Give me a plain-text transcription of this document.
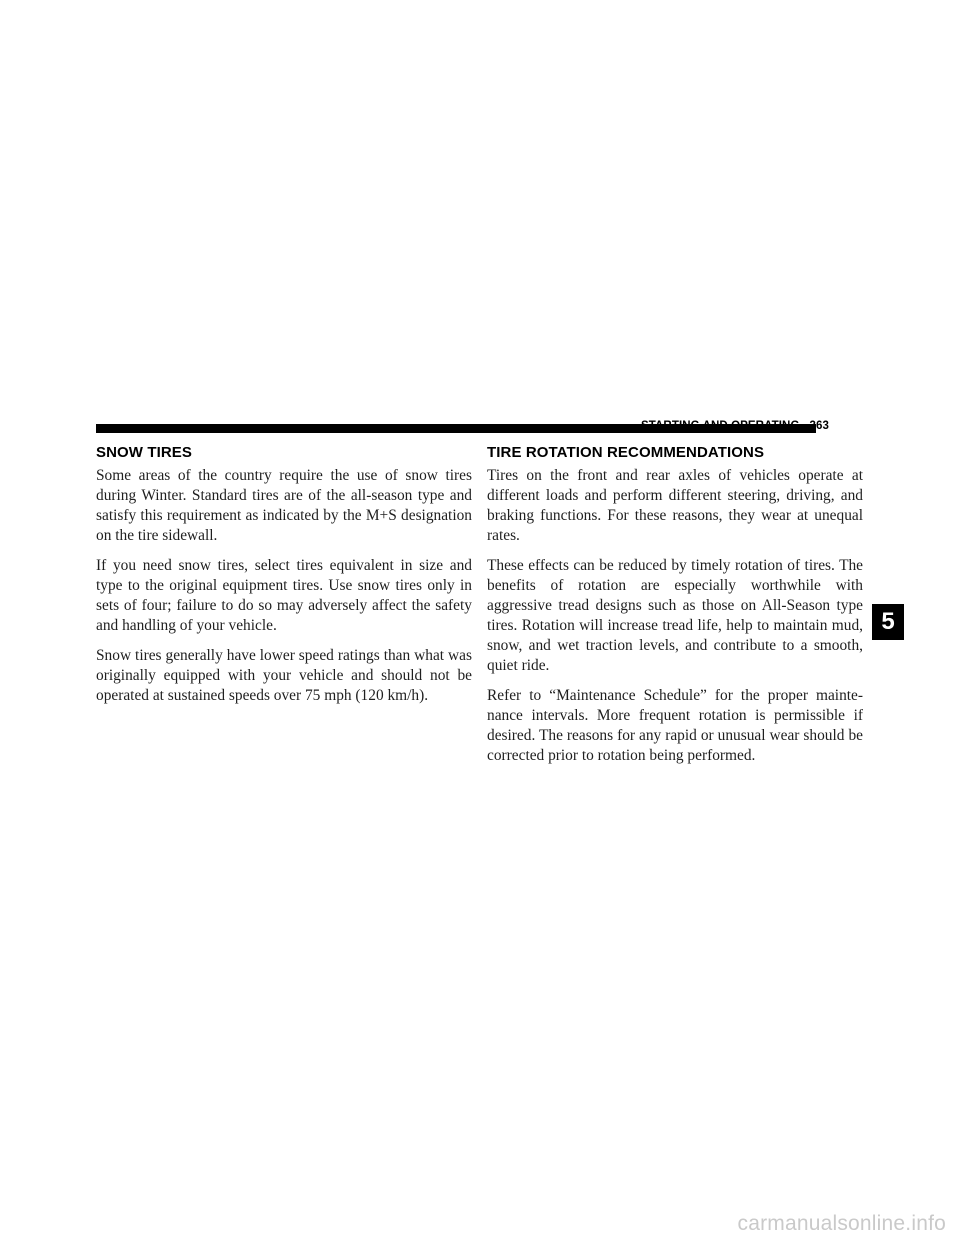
STARTING AND OPERATING 363
SNOW TIRES

Some areas of the country require the use of snow tires during Winter. Standard tires are of the all-season type and satisfy this requirement as indicated by the M+S designation on the tire sidewall.

If you need snow tires, select tires equivalent in size and type to the original equipment tires. Use snow tires only in sets of four; failure to do so may adversely affect the safety and handling of your vehicle.

Snow tires generally have lower speed ratings than what was originally equipped with your vehicle and should not be operated at sustained speeds over 75 mph (120 km/h).

TIRE ROTATION RECOMMENDATIONS

Tires on the front and rear axles of vehicles operate at different loads and perform different steering, driving, and braking functions. For these reasons, they wear at unequal rates.

These effects can be reduced by timely rotation of tires. The benefits of rotation are especially worthwhile with aggressive tread designs such as those on All-Season type tires. Rotation will increase tread life, help to maintain mud, snow, and wet traction levels, and contribute to a smooth, quiet ride.

Refer to “Maintenance Schedule” for the proper mainte-nance intervals. More frequent rotation is permissible if desired. The reasons for any rapid or unusual wear should be corrected prior to rotation being performed.

5
carmanualsonline.info
